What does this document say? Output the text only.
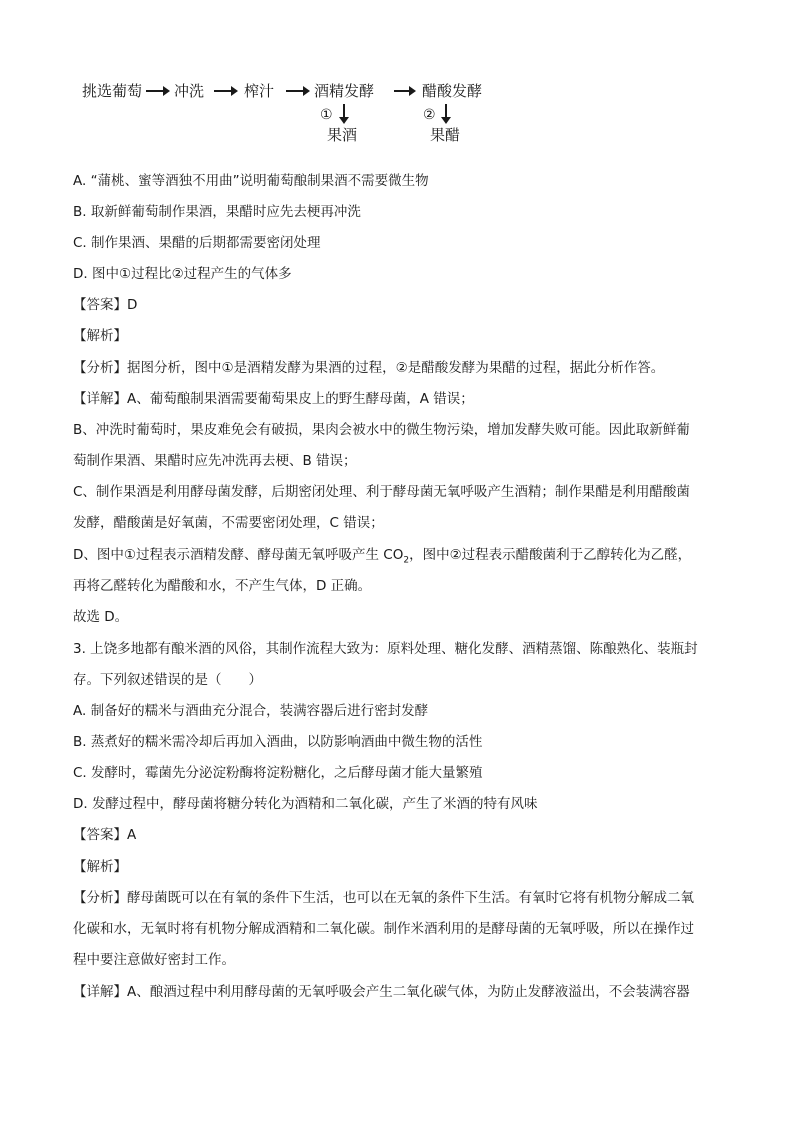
挑选葡萄 冲洗	榨汁	酒精发酵	醋酸发酵
①
果酒
②
果醋
A. “蒲桃、蜜等酒独不用曲”说明葡萄酿制果酒不需要微生物
B. 取新鲜葡萄制作果酒，果醋时应先去梗再冲洗
C. 制作果酒、果醋的后期都需要密闭处理
D. 图中①过程比②过程产生的气体多
【答案】D
【解析】
【分析】据图分析，图中①是酒精发酵为果酒的过程，②是醋酸发酵为果醋的过程，据此分析作答。
【详解】A、葡萄酿制果酒需要葡萄果皮上的野生酵母菌，A 错误；
B、冲洗时葡萄时，果皮难免会有破损，果肉会被水中的微生物污染，增加发酵失败可能。因此取新鲜葡
萄制作果酒、果醋时应先冲洗再去梗、B 错误；
C、制作果酒是利用酵母菌发酵，后期密闭处理、利于酵母菌无氧呼吸产生酒精；制作果醋是利用醋酸菌
发酵，醋酸菌是好氧菌，不需要密闭处理，C 错误；
D、图中①过程表示酒精发酵、酵母菌无氧呼吸产生 $CO_2$，图中②过程表示醋酸菌利于乙醇转化为乙醛，
再将乙醛转化为醋酸和水，不产生气体，D 正确。
故选 D。
3. 上饶多地都有酿米酒的风俗，其制作流程大致为：原料处理、糖化发酵、酒精蒸馏、陈酿熟化、装瓶封
存。下列叙述错误的是（　　）
A. 制备好的糯米与酒曲充分混合，装满容器后进行密封发酵
B. 蒸煮好的糯米需冷却后再加入酒曲，以防影响酒曲中微生物的活性
C. 发酵时，霉菌先分泌淀粉酶将淀粉糖化，之后酵母菌才能大量繁殖
D. 发酵过程中，酵母菌将糖分转化为酒精和二氧化碳，产生了米酒的特有风味
【答案】A
【解析】
【分析】酵母菌既可以在有氧的条件下生活，也可以在无氧的条件下生活。有氧时它将有机物分解成二氧
化碳和水，无氧时将有机物分解成酒精和二氧化碳。制作米酒利用的是酵母菌的无氧呼吸，所以在操作过
程中要注意做好密封工作。
【详解】A、酿酒过程中利用酵母菌的无氧呼吸会产生二氧化碳气体，为防止发酵液溢出，不会装满容器
